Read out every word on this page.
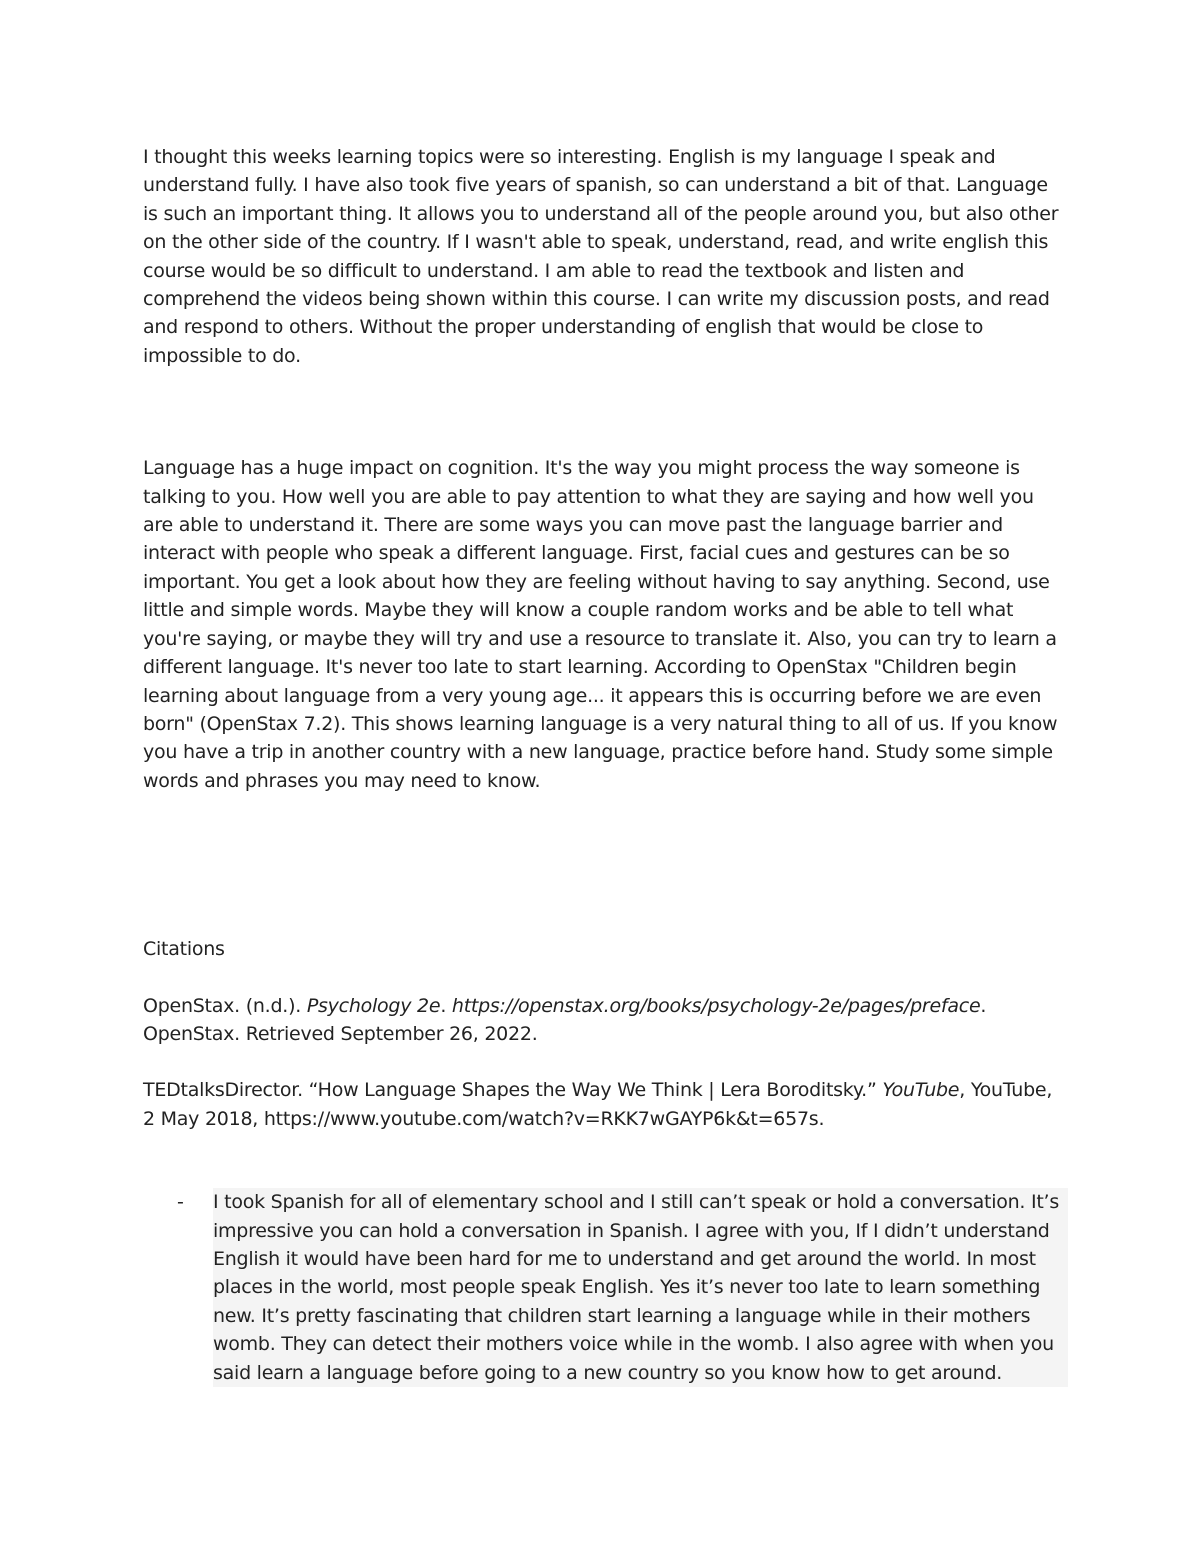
I thought this weeks learning topics were so interesting. English is my language I speak and understand fully. I have also took five years of spanish, so can understand a bit of that. Language is such an important thing. It allows you to understand all of the people around you, but also other on the other side of the country. If I wasn't able to speak, understand, read, and write english this course would be so difficult to understand. I am able to read the textbook and listen and comprehend the videos being shown within this course. I can write my discussion posts, and read and respond to others. Without the proper understanding of english that would be close to impossible to do.

Language has a huge impact on cognition. It's the way you might process the way someone is talking to you. How well you are able to pay attention to what they are saying and how well you are able to understand it. There are some ways you can move past the language barrier and interact with people who speak a different language. First, facial cues and gestures can be so important. You get a look about how they are feeling without having to say anything. Second, use little and simple words. Maybe they will know a couple random works and be able to tell what you're saying, or maybe they will try and use a resource to translate it. Also, you can try to learn a different language. It's never too late to start learning. According to OpenStax "Children begin learning about language from a very young age... it appears this is occurring before we are even born" (OpenStax 7.2). This shows learning language is a very natural thing to all of us. If you know you have a trip in another country with a new language, practice before hand. Study some simple words and phrases you may need to know.

Citations

OpenStax. (n.d.). Psychology 2e. https://openstax.org/books/psychology-2e/pages/preface. OpenStax. Retrieved September 26, 2022.

TEDtalksDirector. “How Language Shapes the Way We Think | Lera Boroditsky.” YouTube, YouTube, 2 May 2018, https://www.youtube.com/watch?v=RKK7wGAYP6k&t=657s.

- I took Spanish for all of elementary school and I still can’t speak or hold a conversation. It’s impressive you can hold a conversation in Spanish. I agree with you, If I didn’t understand English it would have been hard for me to understand and get around the world. In most places in the world, most people speak English. Yes it’s never too late to learn something new. It’s pretty fascinating that children start learning a language while in their mothers womb. They can detect their mothers voice while in the womb. I also agree with when you said learn a language before going to a new country so you know how to get around.
